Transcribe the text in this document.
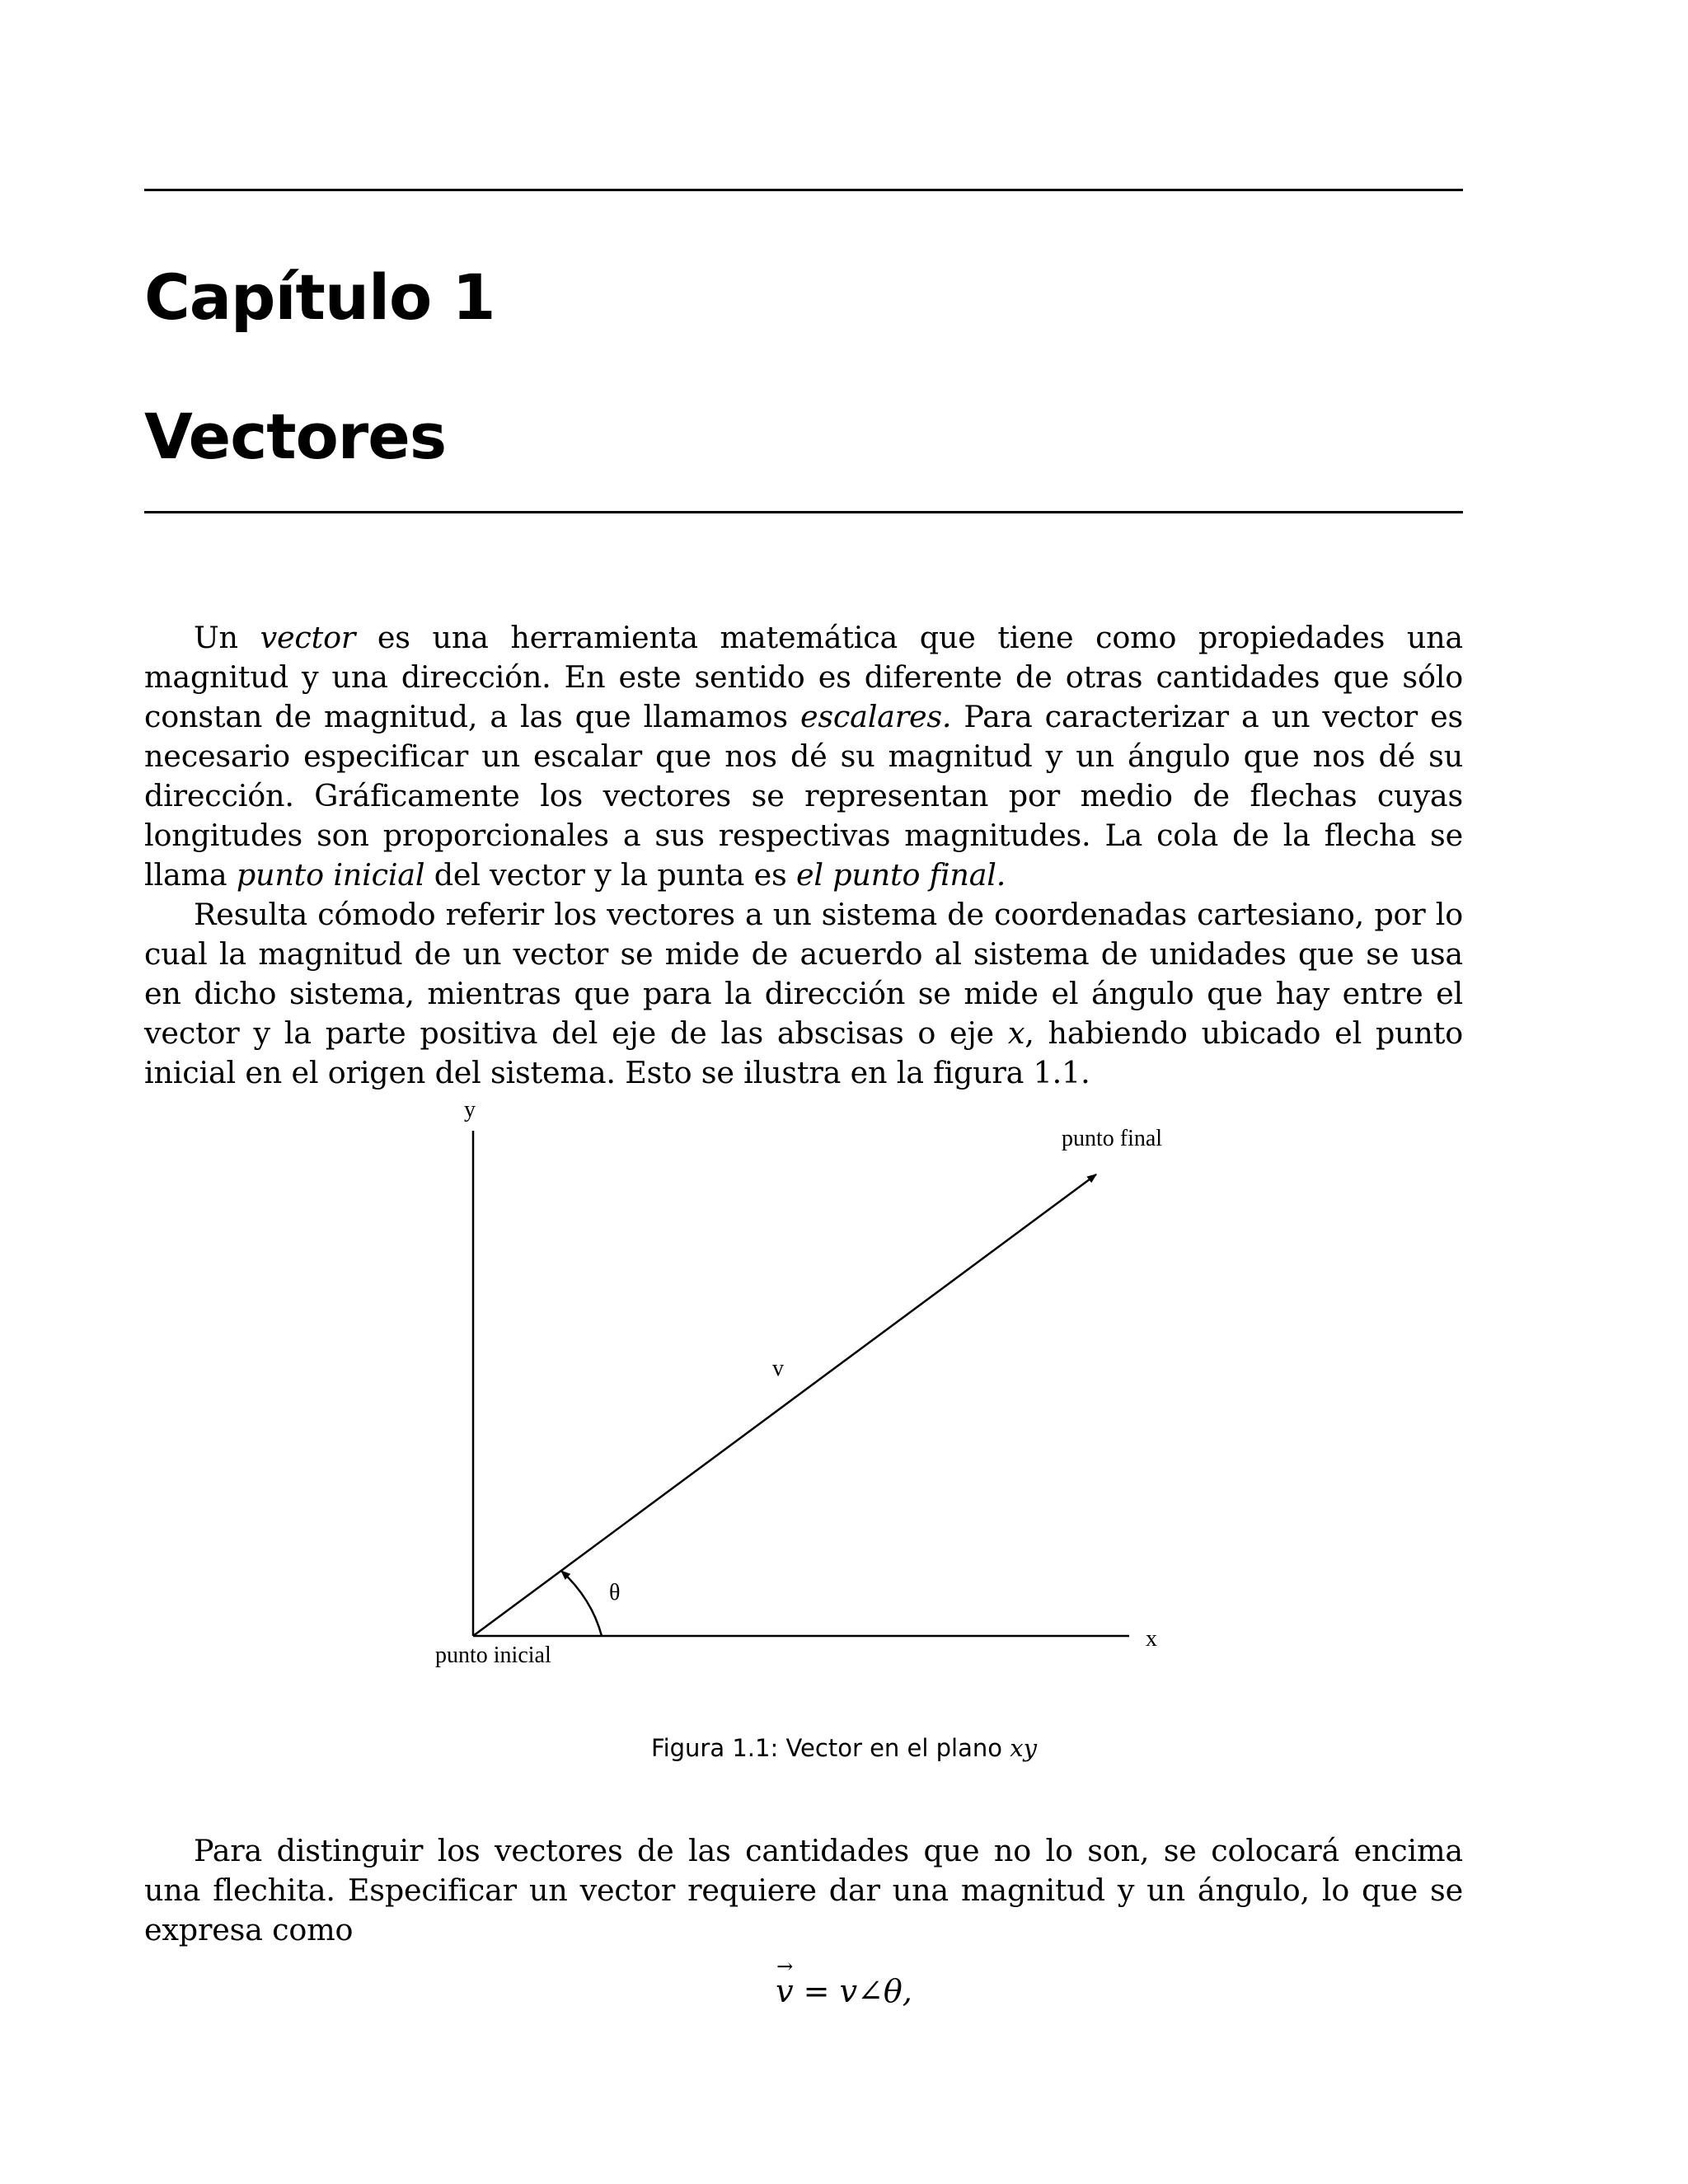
Capítulo 1
Vectores

Un vector es una herramienta matemática que tiene como propiedades una magnitud y una dirección. En este sentido es diferente de otras cantidades que sólo constan de magnitud, a las que llamamos escalares. Para caracterizar a un vector es necesario especificar un escalar que nos dé su magnitud y un ángulo que nos dé su dirección. Gráficamente los vectores se representan por medio de flechas cuyas longitudes son proporcionales a sus respectivas magnitudes. La cola de la flecha se llama punto inicial del vector y la punta es el punto final.

Resulta cómodo referir los vectores a un sistema de coordenadas cartesiano, por lo cual la magnitud de un vector se mide de acuerdo al sistema de unidades que se usa en dicho sistema, mientras que para la dirección se mide el ángulo que hay entre el vector y la parte positiva del eje de las abscisas o eje x, habiendo ubicado el punto inicial en el origen del sistema. Esto se ilustra en la figura 1.1.

y
x
v
θ
punto final
punto inicial
Figura 1.1: Vector en el plano xy

Para distinguir los vectores de las cantidades que no lo son, se colocará encima una flechita. Especificar un vector requiere dar una magnitud y un ángulo, lo que se expresa como

→ v = v∠θ,
